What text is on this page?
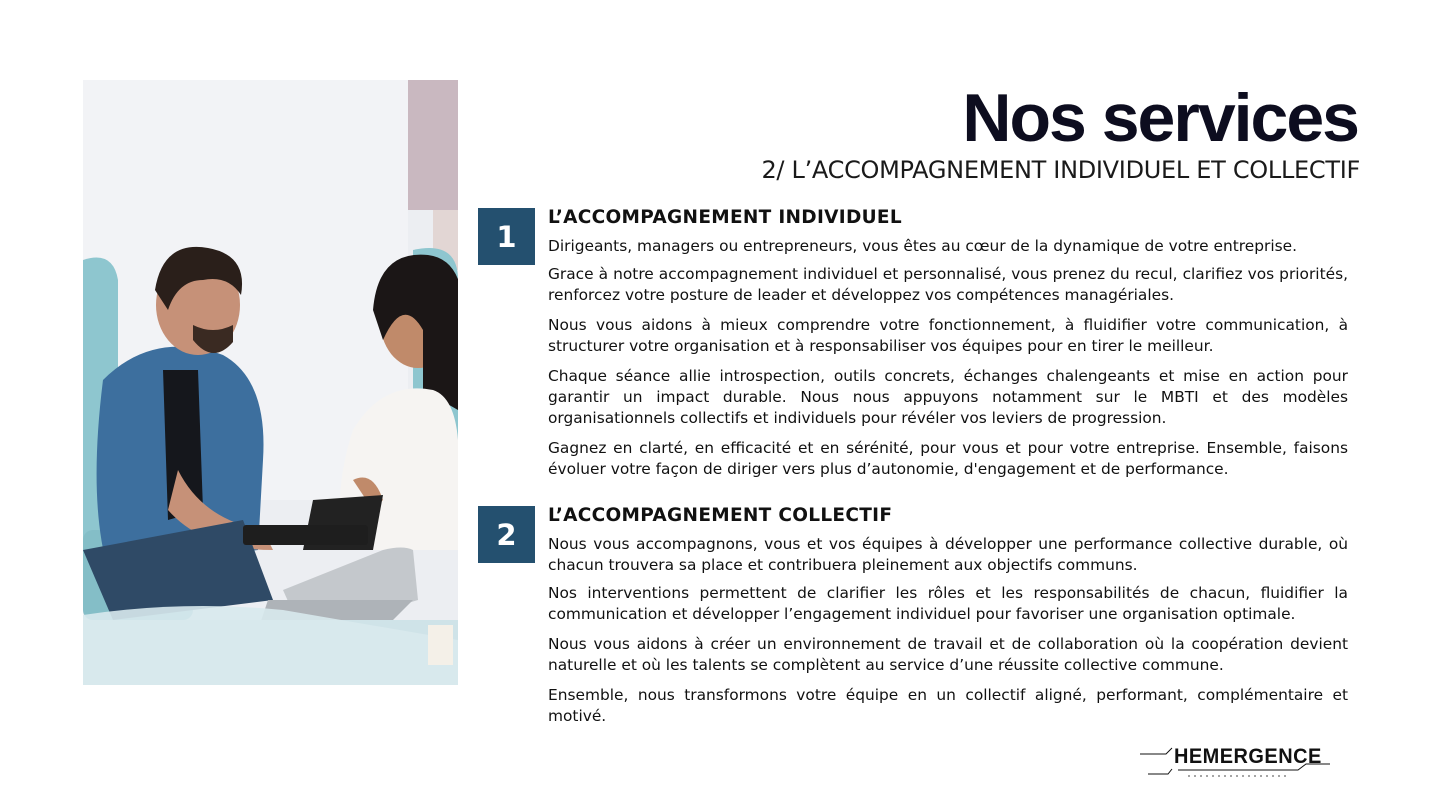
Nos services
2/ L’ACCOMPAGNEMENT INDIVIDUEL ET COLLECTIF
1
L’ACCOMPAGNEMENT INDIVIDUEL

Dirigeants, managers ou entrepreneurs, vous êtes au cœur de la dynamique de votre entreprise.

Grace à notre accompagnement individuel et personnalisé, vous prenez du recul, clarifiez vos priorités, renforcez votre posture de leader et développez vos compétences managériales.

Nous vous aidons à mieux comprendre votre fonctionnement, à fluidifier votre communication, à structurer votre organisation et à responsabiliser vos équipes pour en tirer le meilleur.

Chaque séance allie introspection, outils concrets, échanges chalengeants et mise en action pour garantir un impact durable. Nous nous appuyons notamment sur le MBTI et des modèles organisationnels collectifs et individuels pour révéler vos leviers de progression.

Gagnez en clarté, en efficacité et en sérénité, pour vous et pour votre entreprise. Ensemble, faisons évoluer votre façon de diriger vers plus d’autonomie, d'engagement et de performance.

2
L’ACCOMPAGNEMENT COLLECTIF

Nous vous accompagnons, vous et vos équipes à développer une performance collective durable, où chacun trouvera sa place et contribuera pleinement aux objectifs communs.

Nos interventions permettent de clarifier les rôles et les responsabilités de chacun, fluidifier la communication et développer l’engagement individuel pour favoriser une organisation optimale.

Nous vous aidons à créer un environnement de travail et de collaboration où la coopération devient naturelle et où les talents se complètent au service d’une réussite collective commune.

Ensemble, nous transformons votre équipe en un collectif aligné, performant, complémentaire et motivé.

HEMERGENCE
